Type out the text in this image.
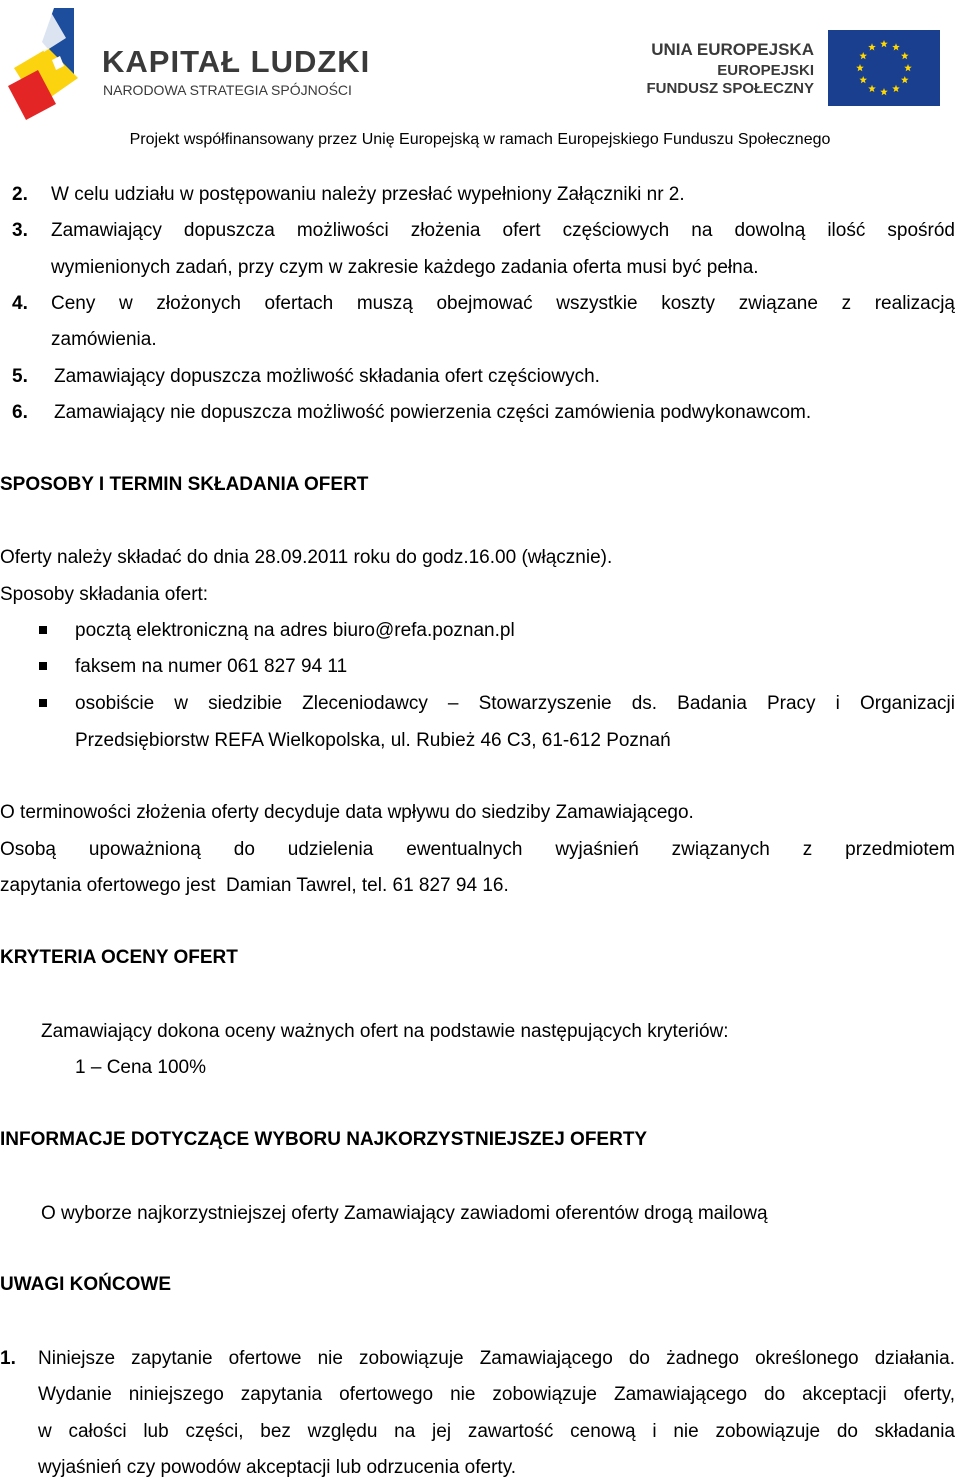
KAPITAŁ LUDZKI
NARODOWA STRATEGIA SPÓJNOŚCI
UNIA EUROPEJSKA
EUROPEJSKI
FUNDUSZ SPOŁECZNY
Projekt współfinansowany przez Unię Europejską w ramach Europejskiego Funduszu Społecznego
2. W celu udziału w postępowaniu należy przesłać wypełniony Załączniki nr 2.
3. Zamawiający dopuszcza możliwości złożenia ofert częściowych na dowolną ilość spośród
wymienionych zadań, przy czym w zakresie każdego zadania oferta musi być pełna.
4. Ceny w złożonych ofertach muszą obejmować wszystkie koszty związane z realizacją
zamówienia.
5. Zamawiający dopuszcza możliwość składania ofert częściowych.
6. Zamawiający nie dopuszcza możliwość powierzenia części zamówienia podwykonawcom.
SPOSOBY I TERMIN SKŁADANIA OFERT
Oferty należy składać do dnia 28.09.2011 roku do godz.16.00 (włącznie).
Sposoby składania ofert:
pocztą elektroniczną na adres biuro@refa.poznan.pl
faksem na numer 061 827 94 11
osobiście w siedzibie Zleceniodawcy – Stowarzyszenie ds. Badania Pracy i Organizacji
Przedsiębiorstw REFA Wielkopolska, ul. Rubież 46 C3, 61-612 Poznań
O terminowości złożenia oferty decyduje data wpływu do siedziby Zamawiającego.
Osobą upoważnioną do udzielenia ewentualnych wyjaśnień związanych z przedmiotem
zapytania ofertowego jest  Damian Tawrel, tel. 61 827 94 16.
KRYTERIA OCENY OFERT
Zamawiający dokona oceny ważnych ofert na podstawie następujących kryteriów:
1 – Cena 100%
INFORMACJE DOTYCZĄCE WYBORU NAJKORZYSTNIEJSZEJ OFERTY
O wyborze najkorzystniejszej oferty Zamawiający zawiadomi oferentów drogą mailową
UWAGI KOŃCOWE
1. Niniejsze zapytanie ofertowe nie zobowiązuje Zamawiającego do żadnego określonego działania.
Wydanie niniejszego zapytania ofertowego nie zobowiązuje Zamawiającego do akceptacji oferty,
w całości lub części, bez względu na jej zawartość cenową i nie zobowiązuje do składania
wyjaśnień czy powodów akceptacji lub odrzucenia oferty.
